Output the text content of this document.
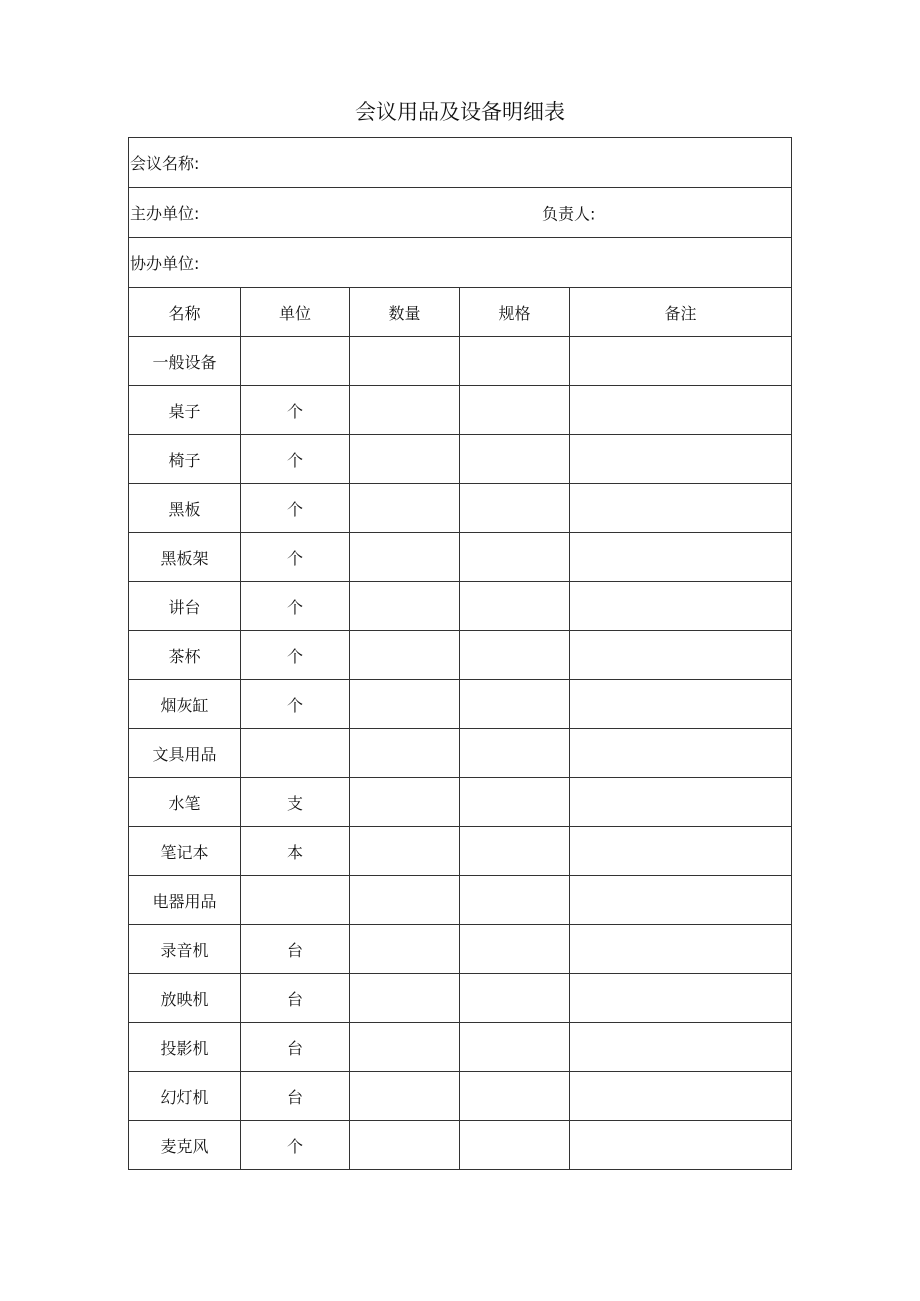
会议用品及设备明细表
会议名称:				

主办单位: 负责人:				

协办单位:				

名称	单位	数量	规格	备注
一般设备				
桌子	个			
椅子	个			
黑板	个			
黑板架	个			
讲台	个			
茶杯	个			
烟灰缸	个			
文具用品				
水笔	支			
笔记本	本			
电器用品				
录音机	台			
放映机	台			
投影机	台			
幻灯机	台			
麦克风	个			
